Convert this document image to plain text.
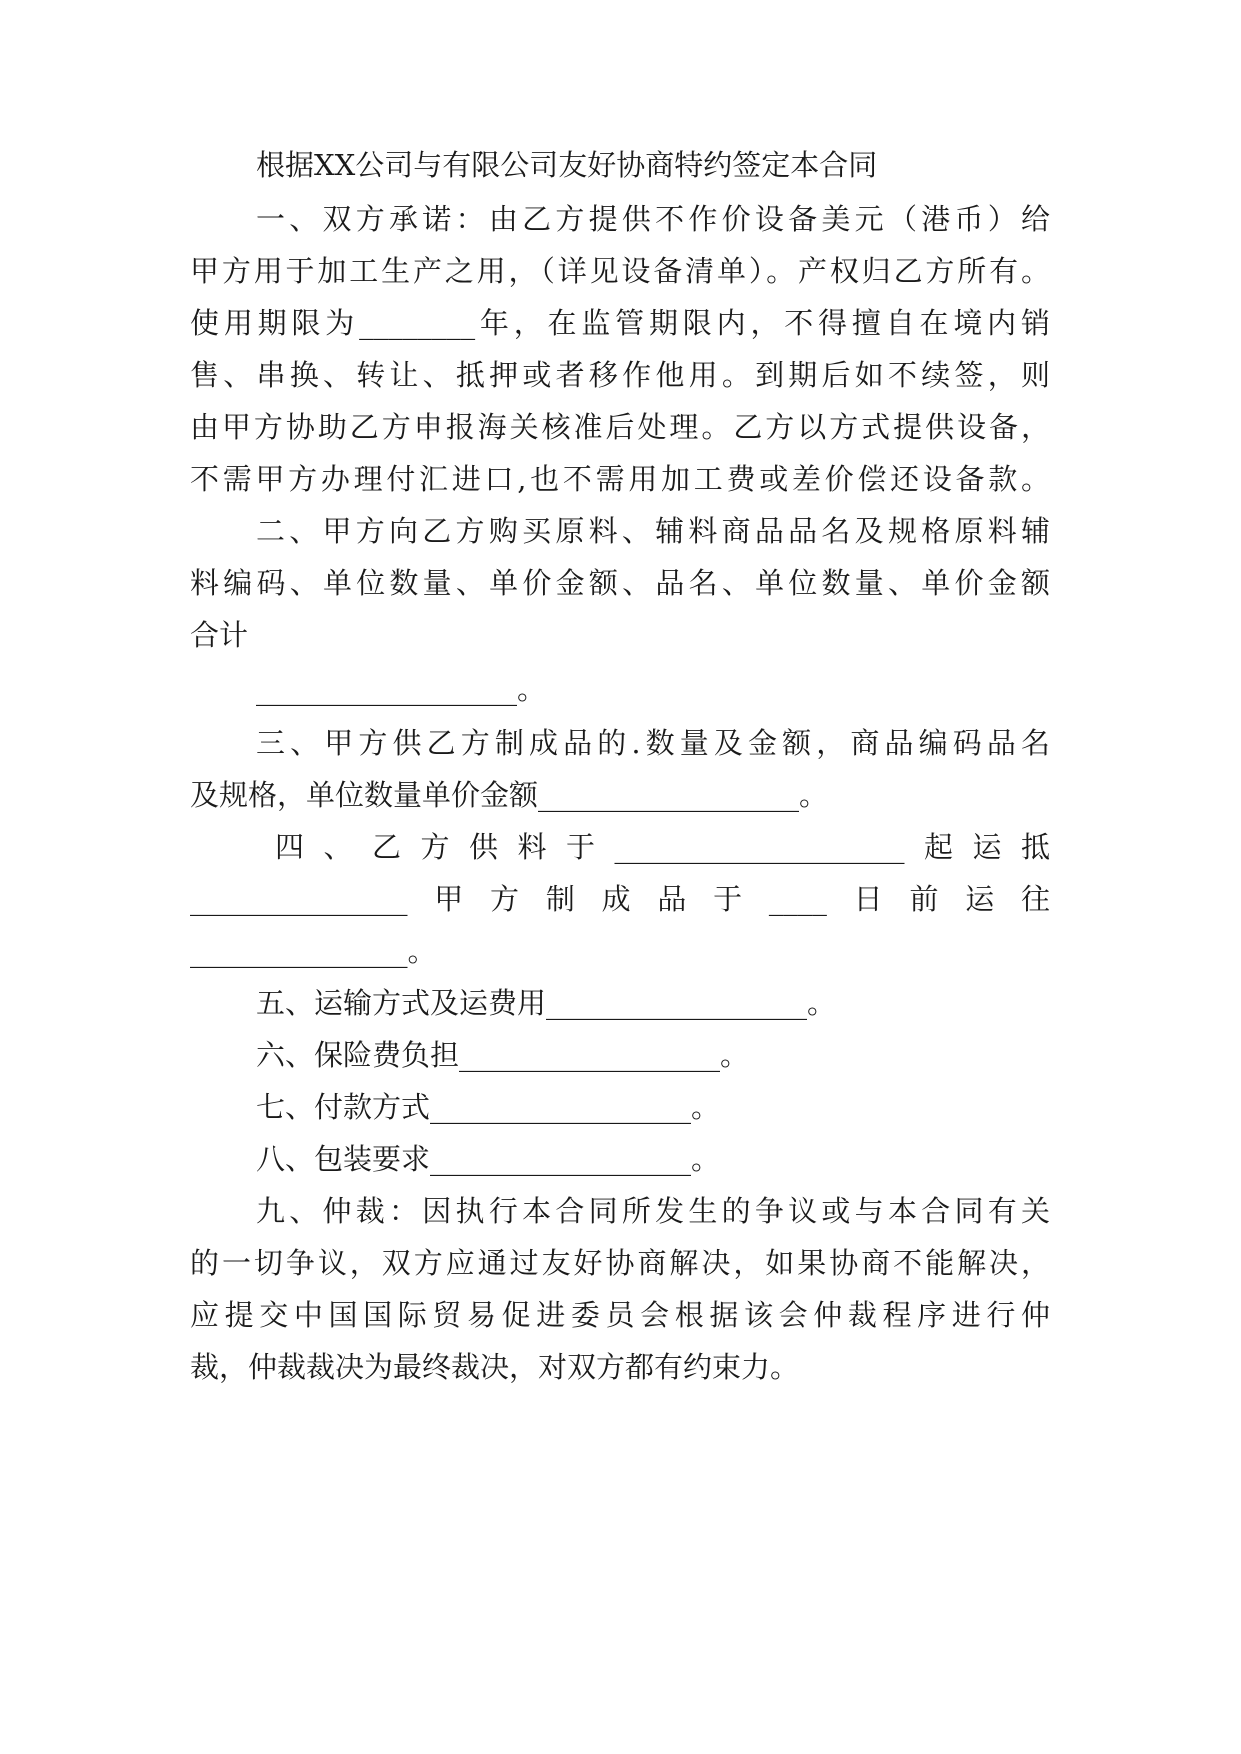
根据XX公司与有限公司友好协商特约签定本合同
一、双方承诺：由乙方提供不作价设备美元（港币）给
甲方用于加工生产之用，（详见设备清单）。产权归乙方所有。
使用期限为________年，在监管期限内，不得擅自在境内销
售、串换、转让、抵押或者移作他用。到期后如不续签，则
由甲方协助乙方申报海关核准后处理。乙方以方式提供设备，
不需甲方办理付汇进口,也不需用加工费或差价偿还设备款。
二、甲方向乙方购买原料、辅料商品品名及规格原料辅
料编码、单位数量、单价金额、品名、单位数量、单价金额
合计
__________________。
三、甲方供乙方制成品的.数量及金额，商品编码品名
及规格，单位数量单价金额__________________。
四、乙方供料于____________________起运抵
_______________甲方制成品于____日前运往
_______________。
五、运输方式及运费用__________________。
六、保险费负担__________________。
七、付款方式__________________。
八、包装要求__________________。
九、仲裁：因执行本合同所发生的争议或与本合同有关
的一切争议，双方应通过友好协商解决，如果协商不能解决，
应提交中国国际贸易促进委员会根据该会仲裁程序进行仲
裁，仲裁裁决为最终裁决，对双方都有约束力。
